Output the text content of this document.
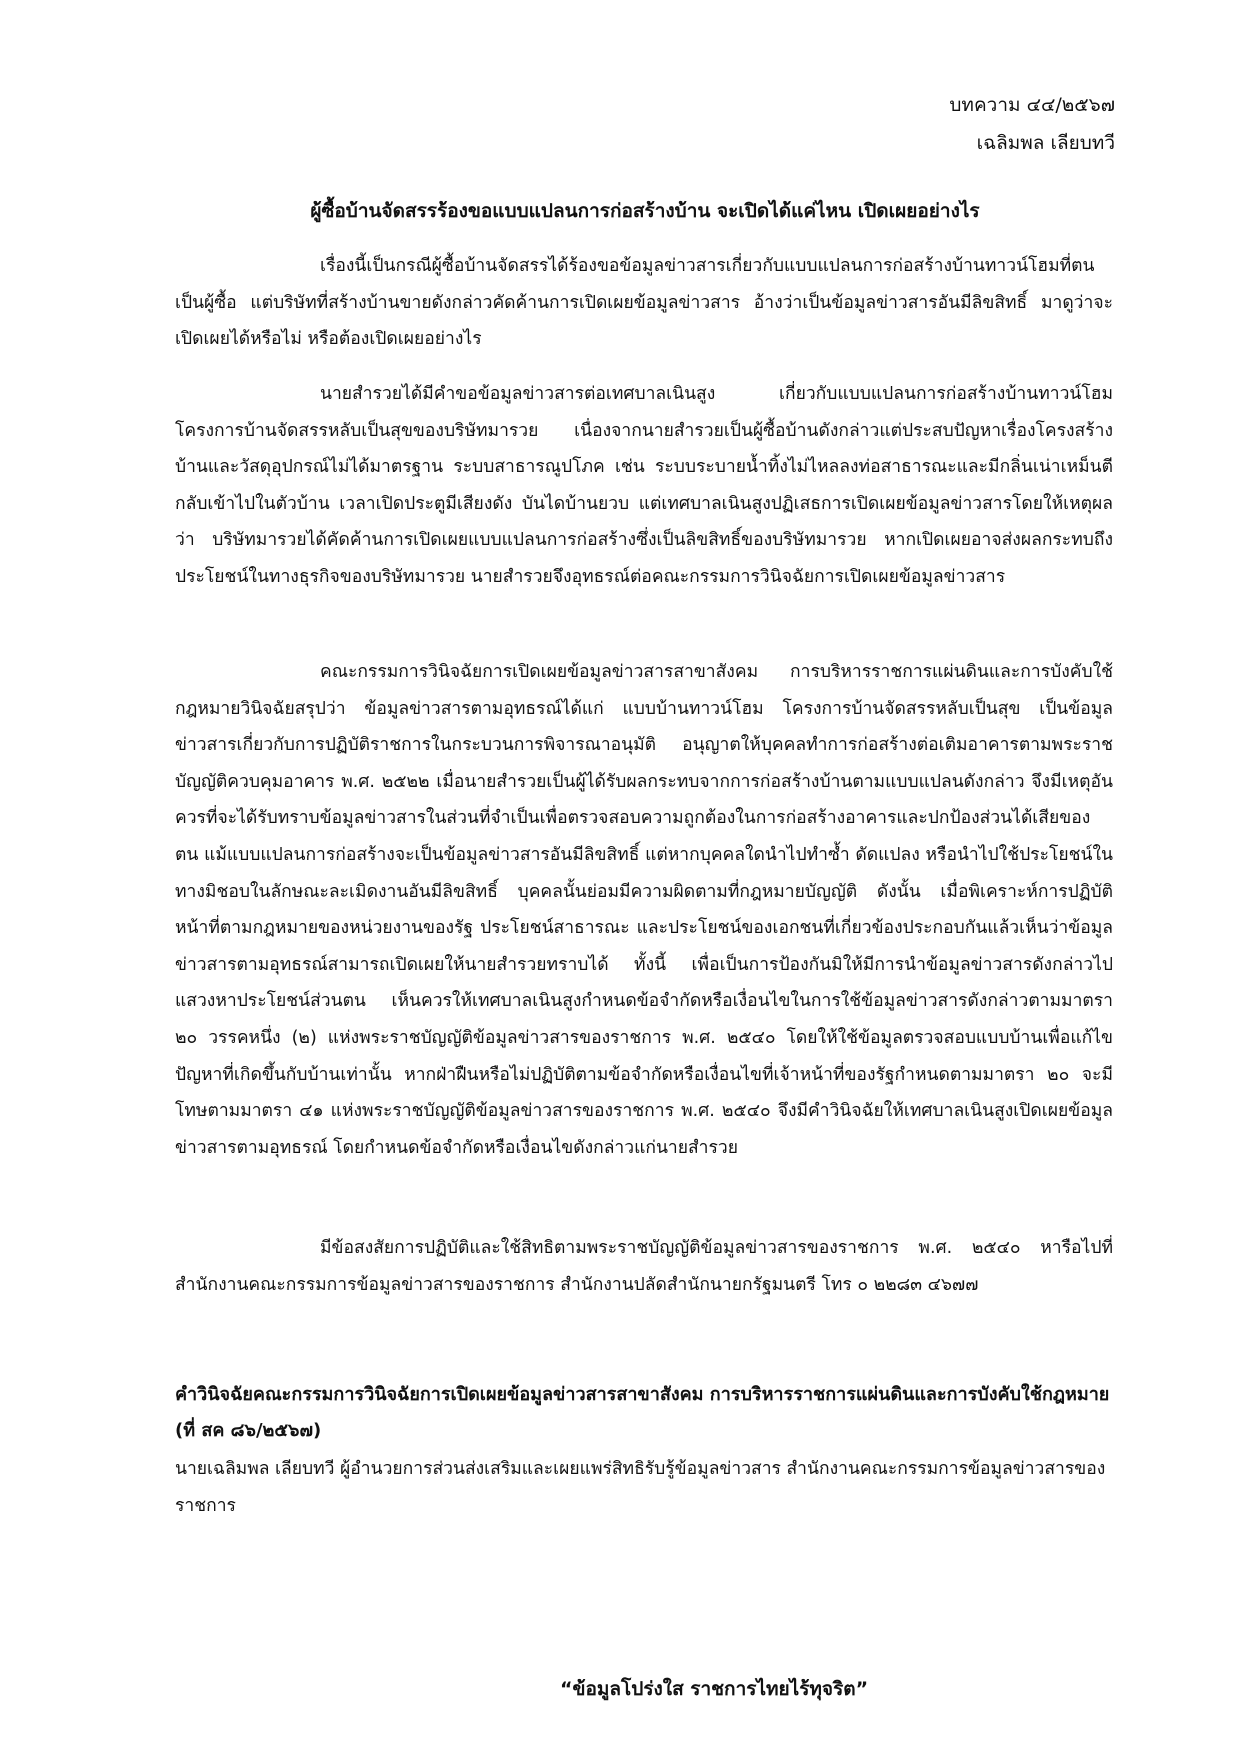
บทความ ๔๔/๒๕๖๗
เฉลิมพล เลียบทวี
ผู้ซื้อบ้านจัดสรรร้องขอแบบแปลนการก่อสร้างบ้าน จะเปิดได้แค่ไหน เปิดเผยอย่างไร

เรื่องนี้เป็นกรณีผู้ซื้อบ้านจัดสรรได้ร้องขอข้อมูลข่าวสารเกี่ยวกับแบบแปลนการก่อสร้างบ้านทาวน์โฮมที่ตนเป็นผู้ซื้อ แต่บริษัทที่สร้างบ้านขายดังกล่าวคัดค้านการเปิดเผยข้อมูลข่าวสาร อ้างว่าเป็นข้อมูลข่าวสารอันมีลิขสิทธิ์ มาดูว่าจะเปิดเผยได้หรือไม่ หรือต้องเปิดเผยอย่างไร

นายสำรวยได้มีคำขอข้อมูลข่าวสารต่อเทศบาลเนินสูง เกี่ยวกับแบบแปลนการก่อสร้างบ้านทาวน์โฮม โครงการบ้านจัดสรรหลับเป็นสุขของบริษัทมารวย เนื่องจากนายสำรวยเป็นผู้ซื้อบ้านดังกล่าวแต่ประสบปัญหาเรื่องโครงสร้างบ้านและวัสดุอุปกรณ์ไม่ได้มาตรฐาน ระบบสาธารณูปโภค เช่น ระบบระบายน้ำทิ้งไม่ไหลลงท่อสาธารณะและมีกลิ่นเน่าเหม็นตีกลับเข้าไปในตัวบ้าน เวลาเปิดประตูมีเสียงดัง บันไดบ้านยวบ แต่เทศบาลเนินสูงปฏิเสธการเปิดเผยข้อมูลข่าวสารโดยให้เหตุผลว่า บริษัทมารวยได้คัดค้านการเปิดเผยแบบแปลนการก่อสร้างซึ่งเป็นลิขสิทธิ์ของบริษัทมารวย หากเปิดเผยอาจส่งผลกระทบถึงประโยชน์ในทางธุรกิจของบริษัทมารวย นายสำรวยจึงอุทธรณ์ต่อคณะกรรมการวินิจฉัยการเปิดเผยข้อมูลข่าวสาร

คณะกรรมการวินิจฉัยการเปิดเผยข้อมูลข่าวสารสาขาสังคม การบริหารราชการแผ่นดินและการบังคับใช้กฎหมายวินิจฉัยสรุปว่า ข้อมูลข่าวสารตามอุทธรณ์ได้แก่ แบบบ้านทาวน์โฮม โครงการบ้านจัดสรรหลับเป็นสุข เป็นข้อมูลข่าวสารเกี่ยวกับการปฏิบัติราชการในกระบวนการพิจารณาอนุมัติ อนุญาตให้บุคคลทำการก่อสร้างต่อเติมอาคารตามพระราชบัญญัติควบคุมอาคาร พ.ศ. ๒๕๒๒ เมื่อนายสำรวยเป็นผู้ได้รับผลกระทบจากการก่อสร้างบ้านตามแบบแปลนดังกล่าว จึงมีเหตุอันควรที่จะได้รับทราบข้อมูลข่าวสารในส่วนที่จำเป็นเพื่อตรวจสอบความถูกต้องในการก่อสร้างอาคารและปกป้องส่วนได้เสียของตน แม้แบบแปลนการก่อสร้างจะเป็นข้อมูลข่าวสารอันมีลิขสิทธิ์ แต่หากบุคคลใดนำไปทำซ้ำ ดัดแปลง หรือนำไปใช้ประโยชน์ในทางมิชอบในลักษณะละเมิดงานอันมีลิขสิทธิ์ บุคคลนั้นย่อมมีความผิดตามที่กฎหมายบัญญัติ ดังนั้น เมื่อพิเคราะห์การปฏิบัติหน้าที่ตามกฎหมายของหน่วยงานของรัฐ ประโยชน์สาธารณะ และประโยชน์ของเอกชนที่เกี่ยวข้องประกอบกันแล้วเห็นว่าข้อมูลข่าวสารตามอุทธรณ์สามารถเปิดเผยให้นายสำรวยทราบได้ ทั้งนี้ เพื่อเป็นการป้องกันมิให้มีการนำข้อมูลข่าวสารดังกล่าวไปแสวงหาประโยชน์ส่วนตน เห็นควรให้เทศบาลเนินสูงกำหนดข้อจำกัดหรือเงื่อนไขในการใช้ข้อมูลข่าวสารดังกล่าวตามมาตรา ๒๐ วรรคหนึ่ง (๒) แห่งพระราชบัญญัติข้อมูลข่าวสารของราชการ พ.ศ. ๒๕๔๐ โดยให้ใช้ข้อมูลตรวจสอบแบบบ้านเพื่อแก้ไขปัญหาที่เกิดขึ้นกับบ้านเท่านั้น หากฝ่าฝืนหรือไม่ปฏิบัติตามข้อจำกัดหรือเงื่อนไขที่เจ้าหน้าที่ของรัฐกำหนดตามมาตรา ๒๐ จะมีโทษตามมาตรา ๔๑ แห่งพระราชบัญญัติข้อมูลข่าวสารของราชการ พ.ศ. ๒๕๔๐ จึงมีคำวินิจฉัยให้เทศบาลเนินสูงเปิดเผยข้อมูลข่าวสารตามอุทธรณ์ โดยกำหนดข้อจำกัดหรือเงื่อนไขดังกล่าวแก่นายสำรวย

มีข้อสงสัยการปฏิบัติและใช้สิทธิตามพระราชบัญญัติข้อมูลข่าวสารของราชการ พ.ศ. ๒๕๔๐ หารือไปที่สำนักงานคณะกรรมการข้อมูลข่าวสารของราชการ สำนักงานปลัดสำนักนายกรัฐมนตรี โทร ๐ ๒๒๘๓ ๔๖๗๗

คำวินิจฉัยคณะกรรมการวินิจฉัยการเปิดเผยข้อมูลข่าวสารสาขาสังคม การบริหารราชการแผ่นดินและการบังคับใช้กฎหมาย (ที่ สค ๘๖/๒๕๖๗)

นายเฉลิมพล เลียบทวี ผู้อำนวยการส่วนส่งเสริมและเผยแพร่สิทธิรับรู้ข้อมูลข่าวสาร สำนักงานคณะกรรมการข้อมูลข่าวสารของราชการ

“ข้อมูลโปร่งใส ราชการไทยไร้ทุจริต”
